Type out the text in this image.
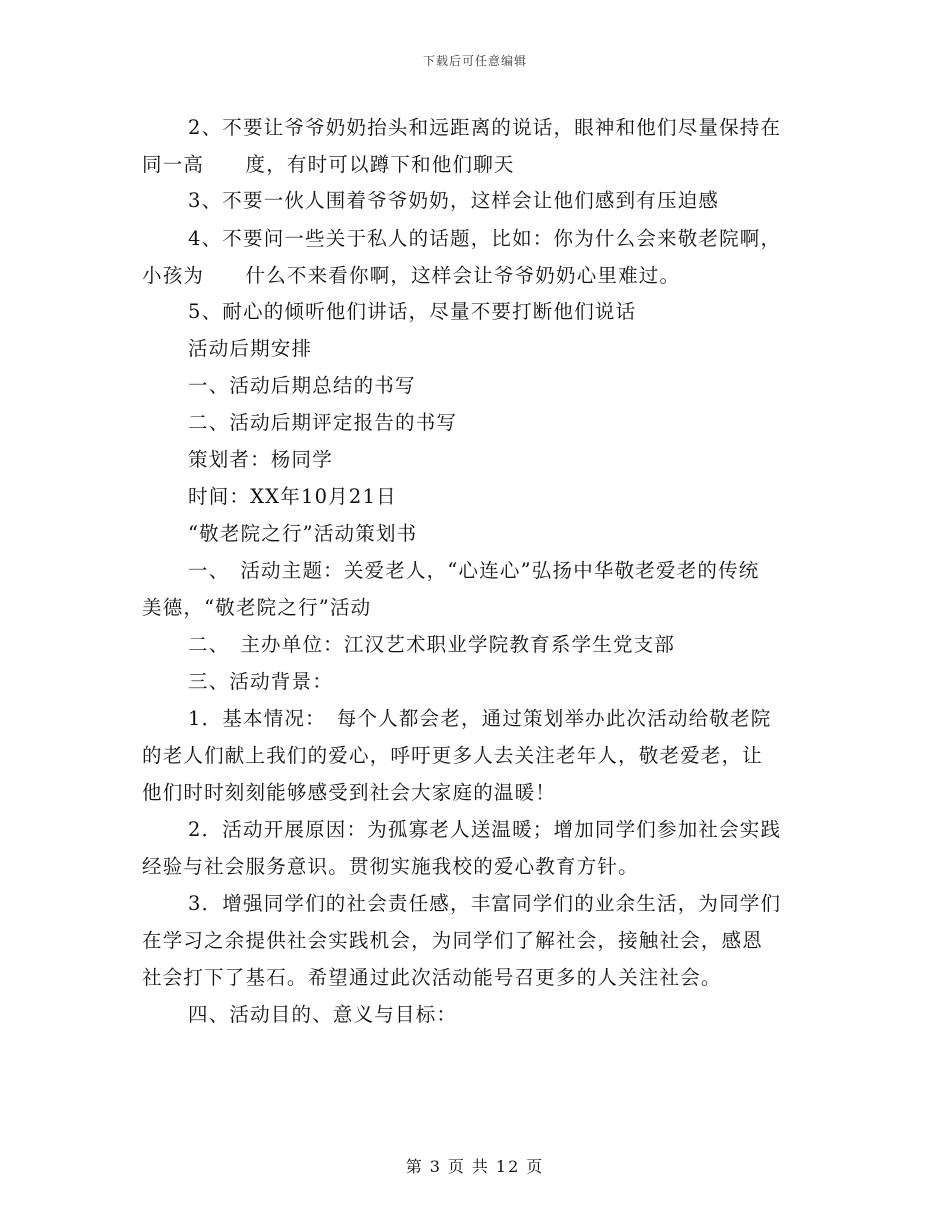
下载后可任意编辑
2、不要让爷爷奶奶抬头和远距离的说话，眼神和他们尽量保持在
同一高　　度，有时可以蹲下和他们聊天
3、不要一伙人围着爷爷奶奶，这样会让他们感到有压迫感
4、不要问一些关于私人的话题，比如：你为什么会来敬老院啊，
小孩为　　什么不来看你啊，这样会让爷爷奶奶心里难过。
5、耐心的倾听他们讲话，尽量不要打断他们说话
活动后期安排
一、活动后期总结的书写
二、活动后期评定报告的书写
策划者：杨同学
时间：XX年10月21日
“敬老院之行”活动策划书
一、　活动主题：关爱老人，“心连心”弘扬中华敬老爱老的传统
美德，“敬老院之行”活动
二、　主办单位：江汉艺术职业学院教育系学生党支部
三、活动背景：
1．基本情况：　每个人都会老，通过策划举办此次活动给敬老院
的老人们献上我们的爱心，呼吁更多人去关注老年人，敬老爱老，让
他们时时刻刻能够感受到社会大家庭的温暖！
2．活动开展原因：为孤寡老人送温暖；增加同学们参加社会实践
经验与社会服务意识。贯彻实施我校的爱心教育方针。
3．增强同学们的社会责任感，丰富同学们的业余生活，为同学们
在学习之余提供社会实践机会，为同学们了解社会，接触社会，感恩
社会打下了基石。希望通过此次活动能号召更多的人关注社会。
四、活动目的、意义与目标：
第 3 页 共 12 页
